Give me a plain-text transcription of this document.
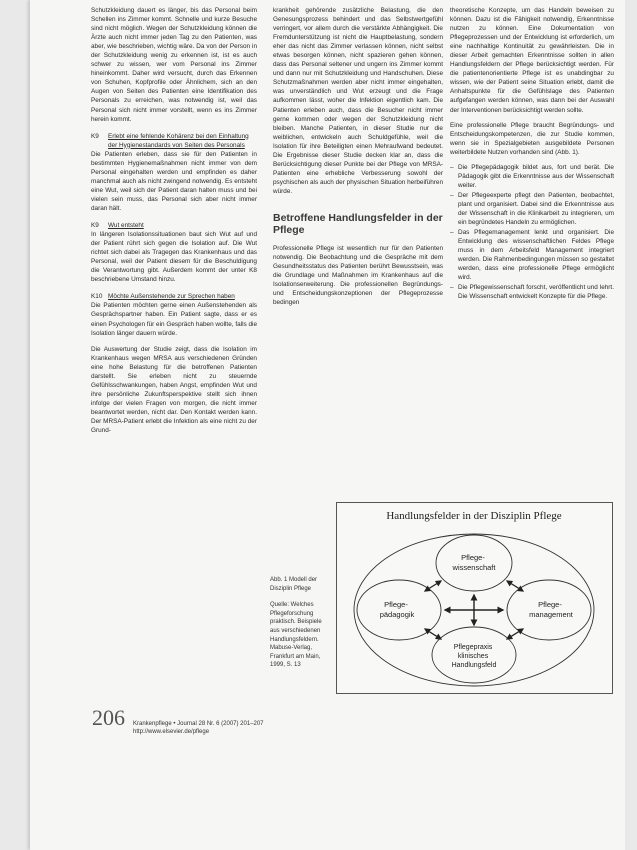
Schutzkleidung dauert es länger, bis das Personal beim Schellen ins Zimmer kommt. Schnelle und kurze Besuche sind nicht möglich. Wegen der Schutzkleidung können die Ärzte auch nicht immer jeden Tag zu den Patienten, was aber, wie beschrieben, wichtig wäre. Da von der Person in der Schutzkleidung wenig zu erkennen ist, ist es auch schwer zu wissen, wer vom Personal ins Zimmer hineinkommt. Daher wird versucht, durch das Erkennen von Schuhen, Kopfprofile oder Ähnlichem, sich an den Augen von Seiten des Patienten eine Identifikation des Personals zu erreichen, was notwendig ist, weil das Personal sich nicht immer vorstellt, wenn es ins Zimmer herein kommt.

K9	Erlebt eine fehlende Kohärenz bei den Einhaltung der Hygienestandards von Seiten des Personals

Die Patienten erleben, dass sie für den Patienten in bestimmten Hygienemaßnahmen nicht immer von dem Personal eingehalten werden und empfinden es daher manchmal auch als nicht zwingend notwendig. Es entsteht eine Wut, weil sich der Patient daran halten muss und bei vielen sein muss, das Personal sich aber nicht immer daran hält.

K9	Wut entsteht

In längeren Isolationssituationen baut sich Wut auf und der Patient rührt sich gegen die Isolation auf. Die Wut richtet sich dabei als Tragegen das Krankenhaus und das Personal, weil der Patient diesem für die Beschuldigung die Verantwortung gibt. Außerdem kommt der unter K8 beschriebene Umstand hinzu.

K10 Möchte Außenstehende zur Sprechen haben

Die Patienten möchten gerne einen Außenstehenden als Gesprächspartner haben. Ein Patient sagte, dass er es einen Psychologen für ein Gespräch haben wollte, falls die Isolation länger dauern würde.

Die Auswertung der Studie zeigt, dass die Isolation im Krankenhaus wegen MRSA aus verschiedenen Gründen eine hohe Belastung für die betroffenen Patienten darstellt. Sie erleben nicht zu steuernde Gefühlsschwankungen, haben Angst, empfinden Wut und ihre persönliche Zukunftsperspektive stellt sich ihnen infolge der vielen Fragen von morgen, die nicht immer beantwortet werden, nicht dar. Den Kontakt werden kann. Der MRSA-Patient erlebt die Infektion als eine nicht zu der Grund-

krankheit gehörende zusätzliche Belastung, die den Genesungsprozess behindert und das Selbstwertgefühl verringert, vor allem durch die verstärkte Abhängigkeit. Die Fremdunterstützung ist nicht die Hauptbelastung, sondern eher das nicht das Zimmer verlassen können, nicht selbst etwas besorgen können, nicht spazieren gehen können, dass das Personal seltener und ungern ins Zimmer kommt und dann nur mit Schutzkleidung und Handschuhen. Diese Schutzmaßnahmen werden aber nicht immer eingehalten, was unverständlich und Wut erzeugt und die Frage aufkommen lässt, woher die Infektion eigentlich kam. Die Patienten erleben auch, dass die Besucher nicht immer gerne kommen oder wegen der Schutzkleidung nicht bleiben. Manche Patienten, in dieser Studie nur die weiblichen, entwickeln auch Schuldgefühle, weil die Isolation für ihre Beteiligten einen Mehraufwand bedeutet. Die Ergebnisse dieser Studie decken klar an, dass die Berücksichtigung dieser Punkte bei der Pflege von MRSA-Patienten eine erhebliche Verbesserung sowohl der psychischen als auch der physischen Situation herbeiführen würde.

Betroffene Handlungsfelder in der Pflege

Professionelle Pflege ist wesentlich nur für den Patienten notwendig. Die Beobachtung und die Gespräche mit dem Gesundheitsstatus des Patienten berührt Bewusstsein, was die Grundlage und Maßnahmen im Krankenhaus auf die Isolationserweiterung. Die professionellen Begründungs- und Entscheidungskonzeptionen der Pflegeprozesse bedingen

theoretische Konzepte, um das Handeln beweisen zu können. Dazu ist die Fähigkeit notwendig, Erkenntnisse nutzen zu können. Eine Dokumentation von Pflegeprozessen und der Entwicklung ist erforderlich, um eine nachhaltige Kontinuität zu gewährleisten. Die in dieser Arbeit gemachten Erkenntnisse sollten in allen Handlungsfeldern der Pflege berücksichtigt werden. Für die patientenorientierte Pflege ist es unabdingbar zu wissen, wie der Patient seine Situation erlebt, damit die Anhaltspunkte für die Gefühlslage des Patienten aufgefangen werden können, was dann bei der Auswahl der Interventionen berücksichtigt werden sollte.

Eine professionelle Pflege braucht Begründungs- und Entscheidungskompetenzen, die zur Studie kommen, wenn sie in Spezialgebieten ausgebildete Personen weiterbildete Nutzen vorhanden sind (Abb. 1).

– Die Pflegepädagogik bildet aus, fort und berät. Die Pädagogik gibt die Erkenntnisse aus der Wissenschaft weiter.
– Der Pflegeexperte pflegt den Patienten, beobachtet, plant und organisiert. Dabei sind die Erkenntnisse aus der Wissenschaft in die Klinikarbeit zu integrieren, um ein begründetes Handeln zu ermöglichen.
– Das Pflegemanagement lenkt und organisiert. Die Entwicklung des wissenschaftlichen Feldes Pflege muss in dem Arbeitsfeld Management integriert werden. Die Rahmenbedingungen müssen so gestaltet werden, dass eine professionelle Pflege ermöglicht wird.
– Die Pflegewissenschaft forscht, veröffentlicht und lehrt. Die Wissenschaft entwickelt Konzepte für die Pflege.

Abb. 1 Modell der Disziplin Pflege

Quelle: Welches Pflegeforschung praktisch. Beispiele aus verschiedenen Handlungsfeldern. Mabuse-Verlag, Frankfurt am Main, 1999, S. 13

Handlungsfelder in der Disziplin Pflege
Pflege- wissenschaft
Pflege- pädagogik
Pflege- management
Pflegepraxis klinisches Handlungsfeld
206 Krankenpflege • Journal 28 Nr. 6 (2007) 201–207
http://www.elsevier.de/pflege
